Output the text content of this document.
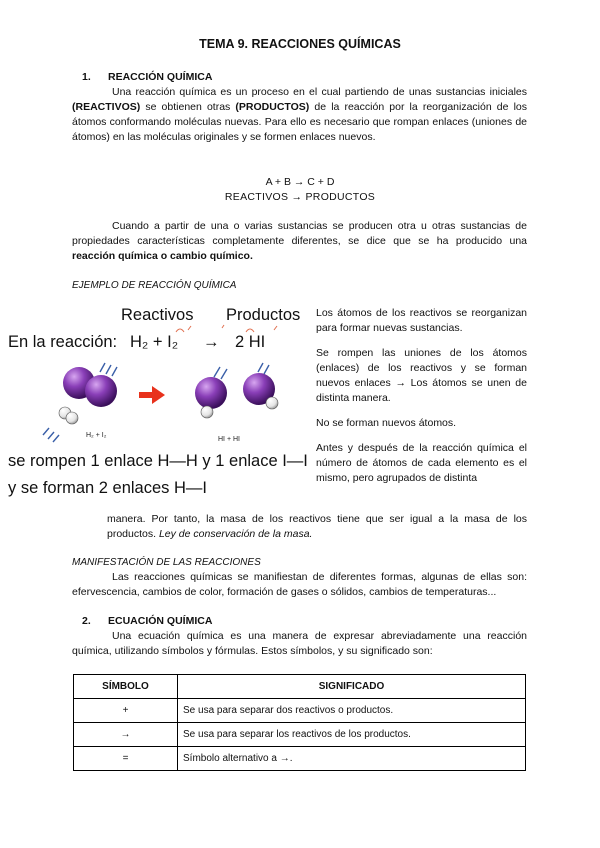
TEMA 9. REACCIONES QUÍMICAS
1. REACCIÓN QUÍMICA
Una reacción química es un proceso en el cual partiendo de unas sustancias iniciales (REACTIVOS) se obtienen otras (PRODUCTOS) de la reacción por la reorganización de los átomos conformando moléculas nuevas. Para ello es necesario que rompan enlaces (uniones de átomos) en las moléculas originales y se formen enlaces nuevos.
A + B → C + D
REACTIVOS → PRODUCTOS
Cuando a partir de una o varias sustancias se producen otra u otras sustancias de propiedades características completamente diferentes, se dice que se ha producido una reacción química o cambio químico.
EJEMPLO DE REACCIÓN QUÍMICA
Reactivos Productos
En la reacción: H₂ + I₂ → 2 HI
H₂ + I₂
HI + HI
se rompen 1 enlace H—H y 1 enlace I—I
y se forman 2 enlaces H—I

Los átomos de los reactivos se reorganizan para formar nuevas sustancias.

Se rompen las uniones de los átomos (enlaces) de los reactivos y se forman nuevos enlaces → Los átomos se unen de distinta manera.

No se forman nuevos átomos.

Antes y después de la reacción química el número de átomos de cada elemento es el mismo, pero agrupados de distinta

manera. Por tanto, la masa de los reactivos tiene que ser igual a la masa de los productos. Ley de conservación de la masa.
MANIFESTACIÓN DE LAS REACCIONES
Las reacciones químicas se manifiestan de diferentes formas, algunas de ellas son: efervescencia, cambios de color, formación de gases o sólidos, cambios de temperaturas...
2. ECUACIÓN QUÍMICA
Una ecuación química es una manera de expresar abreviadamente una reacción química, utilizando símbolos y fórmulas. Estos símbolos, y su significado son:
SÍMBOLO	SIGNIFICADO
+	Se usa para separar dos reactivos o productos.
→	Se usa para separar los reactivos de los productos.
=	Símbolo alternativo a →.
